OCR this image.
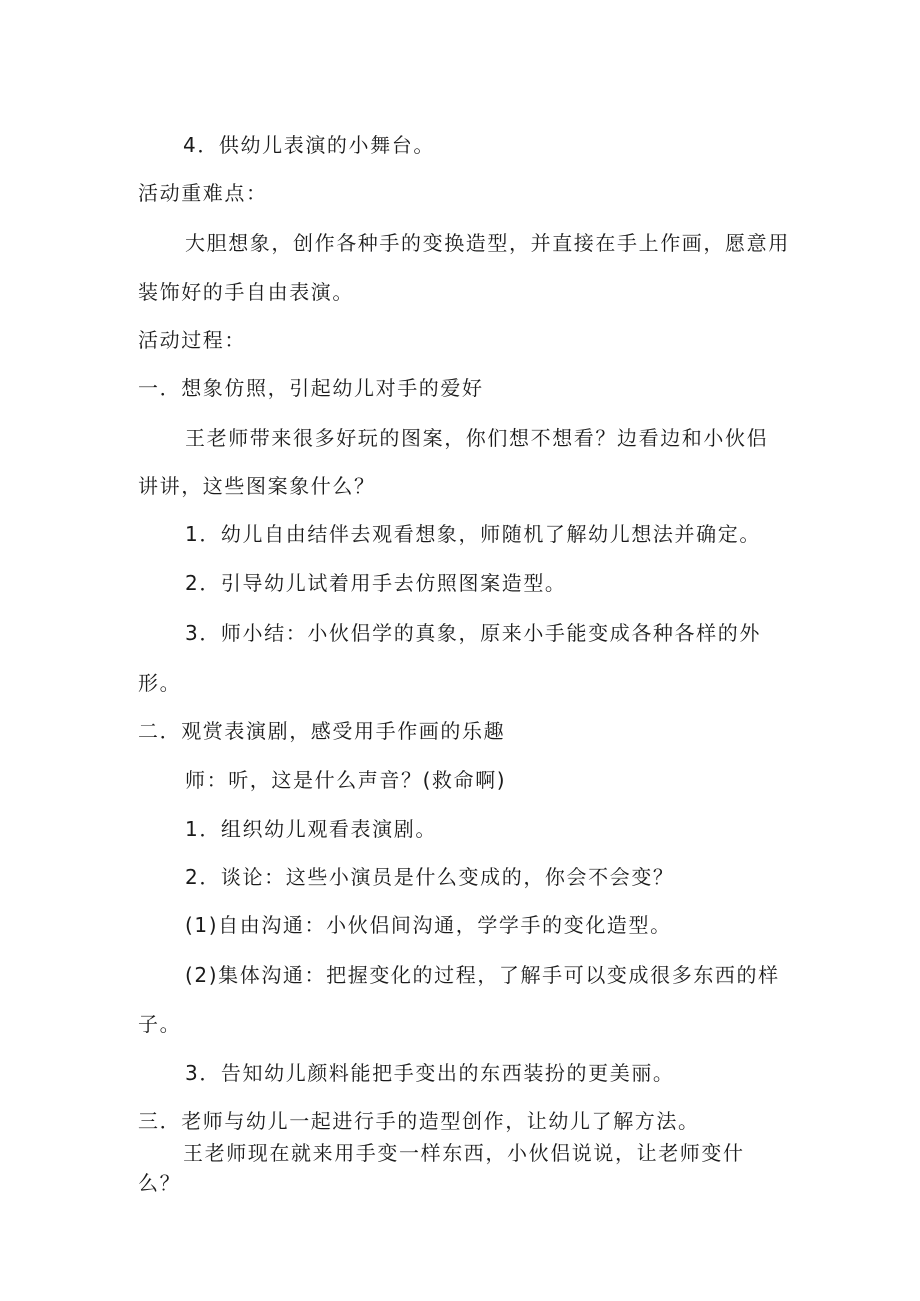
4．供幼儿表演的小舞台。
活动重难点：
大胆想象，创作各种手的变换造型，并直接在手上作画，愿意用
装饰好的手自由表演。
活动过程：
一．想象仿照，引起幼儿对手的爱好
王老师带来很多好玩的图案，你们想不想看？边看边和小伙侣
讲讲，这些图案象什么？
1．幼儿自由结伴去观看想象，师随机了解幼儿想法并确定。
2．引导幼儿试着用手去仿照图案造型。
3．师小结：小伙侣学的真象，原来小手能变成各种各样的外
形。
二．观赏表演剧，感受用手作画的乐趣
师：听，这是什么声音？(救命啊)
1．组织幼儿观看表演剧。
2．谈论：这些小演员是什么变成的，你会不会变？
(1)自由沟通：小伙侣间沟通，学学手的变化造型。
(2)集体沟通：把握变化的过程，了解手可以变成很多东西的样
子。
3．告知幼儿颜料能把手变出的东西装扮的更美丽。
三．老师与幼儿一起进行手的造型创作，让幼儿了解方法。
王老师现在就来用手变一样东西，小伙侣说说，让老师变什
么？
